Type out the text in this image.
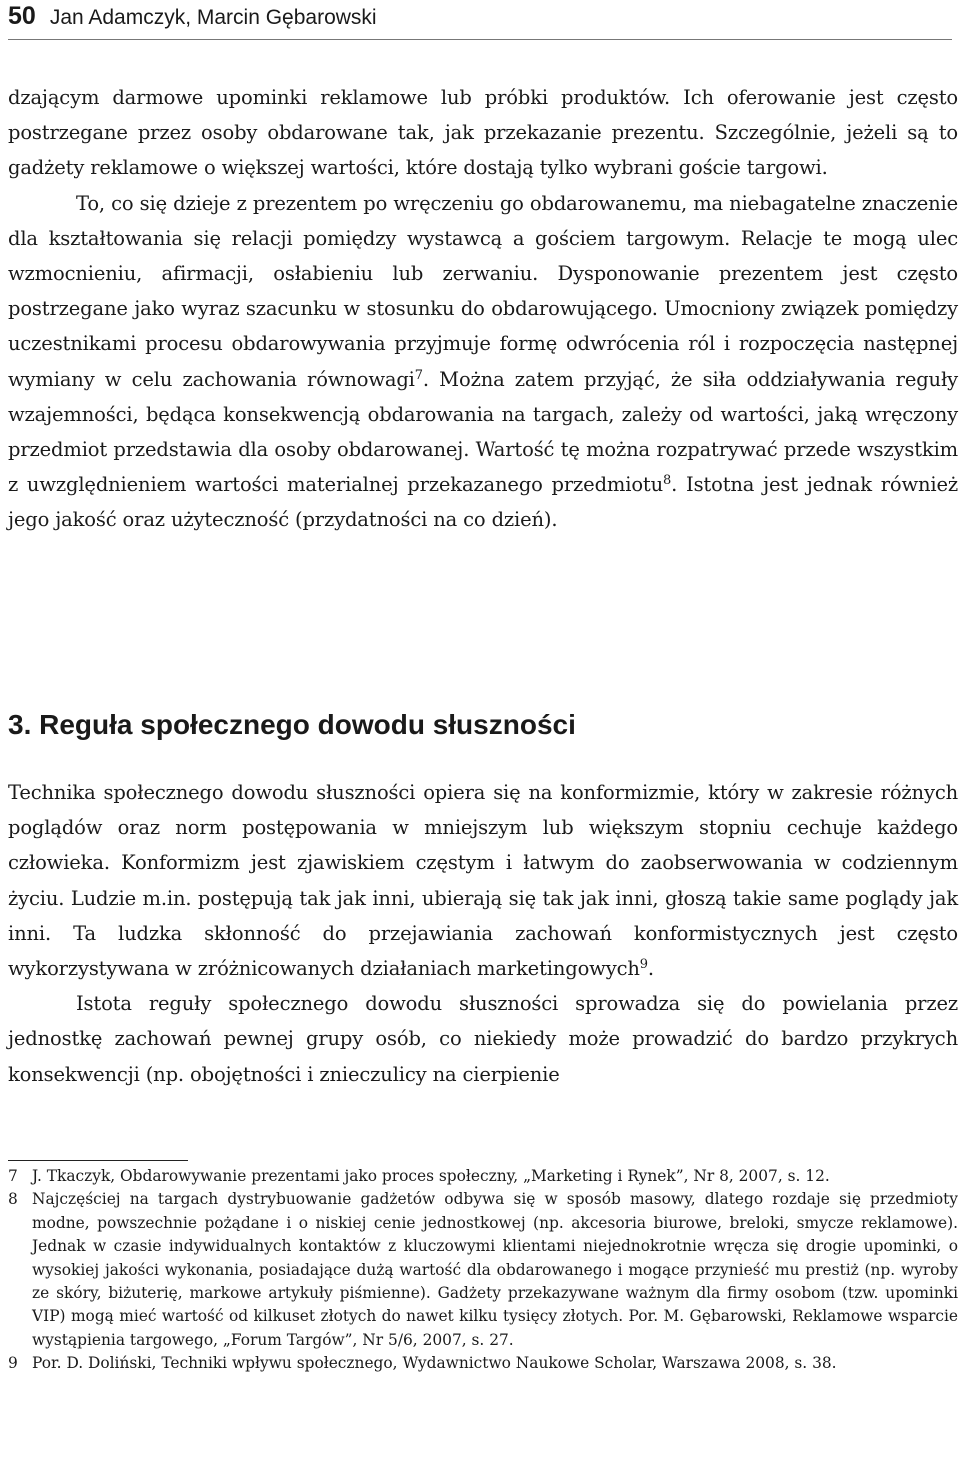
50 Jan Adamczyk, Marcin Gębarowski

dzającym darmowe upominki reklamowe lub próbki produktów. Ich oferowanie jest często postrzegane przez osoby obdarowane tak, jak przekazanie prezentu. Szczególnie, jeżeli są to gadżety reklamowe o większej wartości, które dostają tylko wybrani goście targowi.

To, co się dzieje z prezentem po wręczeniu go obdarowanemu, ma niebagatelne znaczenie dla kształtowania się relacji pomiędzy wystawcą a gościem targowym. Relacje te mogą ulec wzmocnieniu, afirmacji, osłabieniu lub zerwaniu. Dysponowanie prezentem jest często postrzegane jako wyraz szacunku w stosunku do obdarowującego. Umocniony związek pomiędzy uczestnikami procesu obdarowywania przyjmuje formę odwrócenia ról i rozpoczęcia następnej wymiany w celu zachowania równowagi$^7$. Można zatem przyjąć, że siła oddziaływania reguły wzajemności, będąca konsekwencją obdarowania na targach, zależy od wartości, jaką wręczony przedmiot przedstawia dla osoby obdarowanej. Wartość tę można rozpatrywać przede wszystkim z uwzględnieniem wartości materialnej przekazanego przedmiotu$^8$. Istotna jest jednak również jego jakość oraz użyteczność (przydatności na co dzień).

3. Reguła społecznego dowodu słuszności

Technika społecznego dowodu słuszności opiera się na konformizmie, który w zakresie różnych poglądów oraz norm postępowania w mniejszym lub większym stopniu cechuje każdego człowieka. Konformizm jest zjawiskiem częstym i łatwym do zaobserwowania w codziennym życiu. Ludzie m.in. postępują tak jak inni, ubierają się tak jak inni, głoszą takie same poglądy jak inni. Ta ludzka skłonność do przejawiania zachowań konformistycznych jest często wykorzystywana w zróżnicowanych działaniach marketingowych$^9$.

Istota reguły społecznego dowodu słuszności sprowadza się do powielania przez jednostkę zachowań pewnej grupy osób, co niekiedy może prowadzić do bardzo przykrych konsekwencji (np. obojętności i znieczulicy na cierpienie

7 J. Tkaczyk, Obdarowywanie prezentami jako proces społeczny, „Marketing i Rynek”, Nr 8, 2007, s. 12.
8 Najczęściej na targach dystrybuowanie gadżetów odbywa się w sposób masowy, dlatego rozdaje się przedmioty modne, powszechnie pożądane i o niskiej cenie jednostkowej (np. akcesoria biurowe, breloki, smycze reklamowe). Jednak w czasie indywidualnych kontaktów z kluczowymi klientami niejednokrotnie wręcza się drogie upominki, o wysokiej jakości wykonania, posiadające dużą wartość dla obdarowanego i mogące przynieść mu prestiż (np. wyroby ze skóry, biżuterię, markowe artykuły piśmienne). Gadżety przekazywane ważnym dla firmy osobom (tzw. upominki VIP) mogą mieć wartość od kilkuset złotych do nawet kilku tysięcy złotych. Por. M. Gębarowski, Reklamowe wsparcie wystąpienia targowego, „Forum Targów”, Nr 5/6, 2007, s. 27.
9 Por. D. Doliński, Techniki wpływu społecznego, Wydawnictwo Naukowe Scholar, Warszawa 2008, s. 38.
